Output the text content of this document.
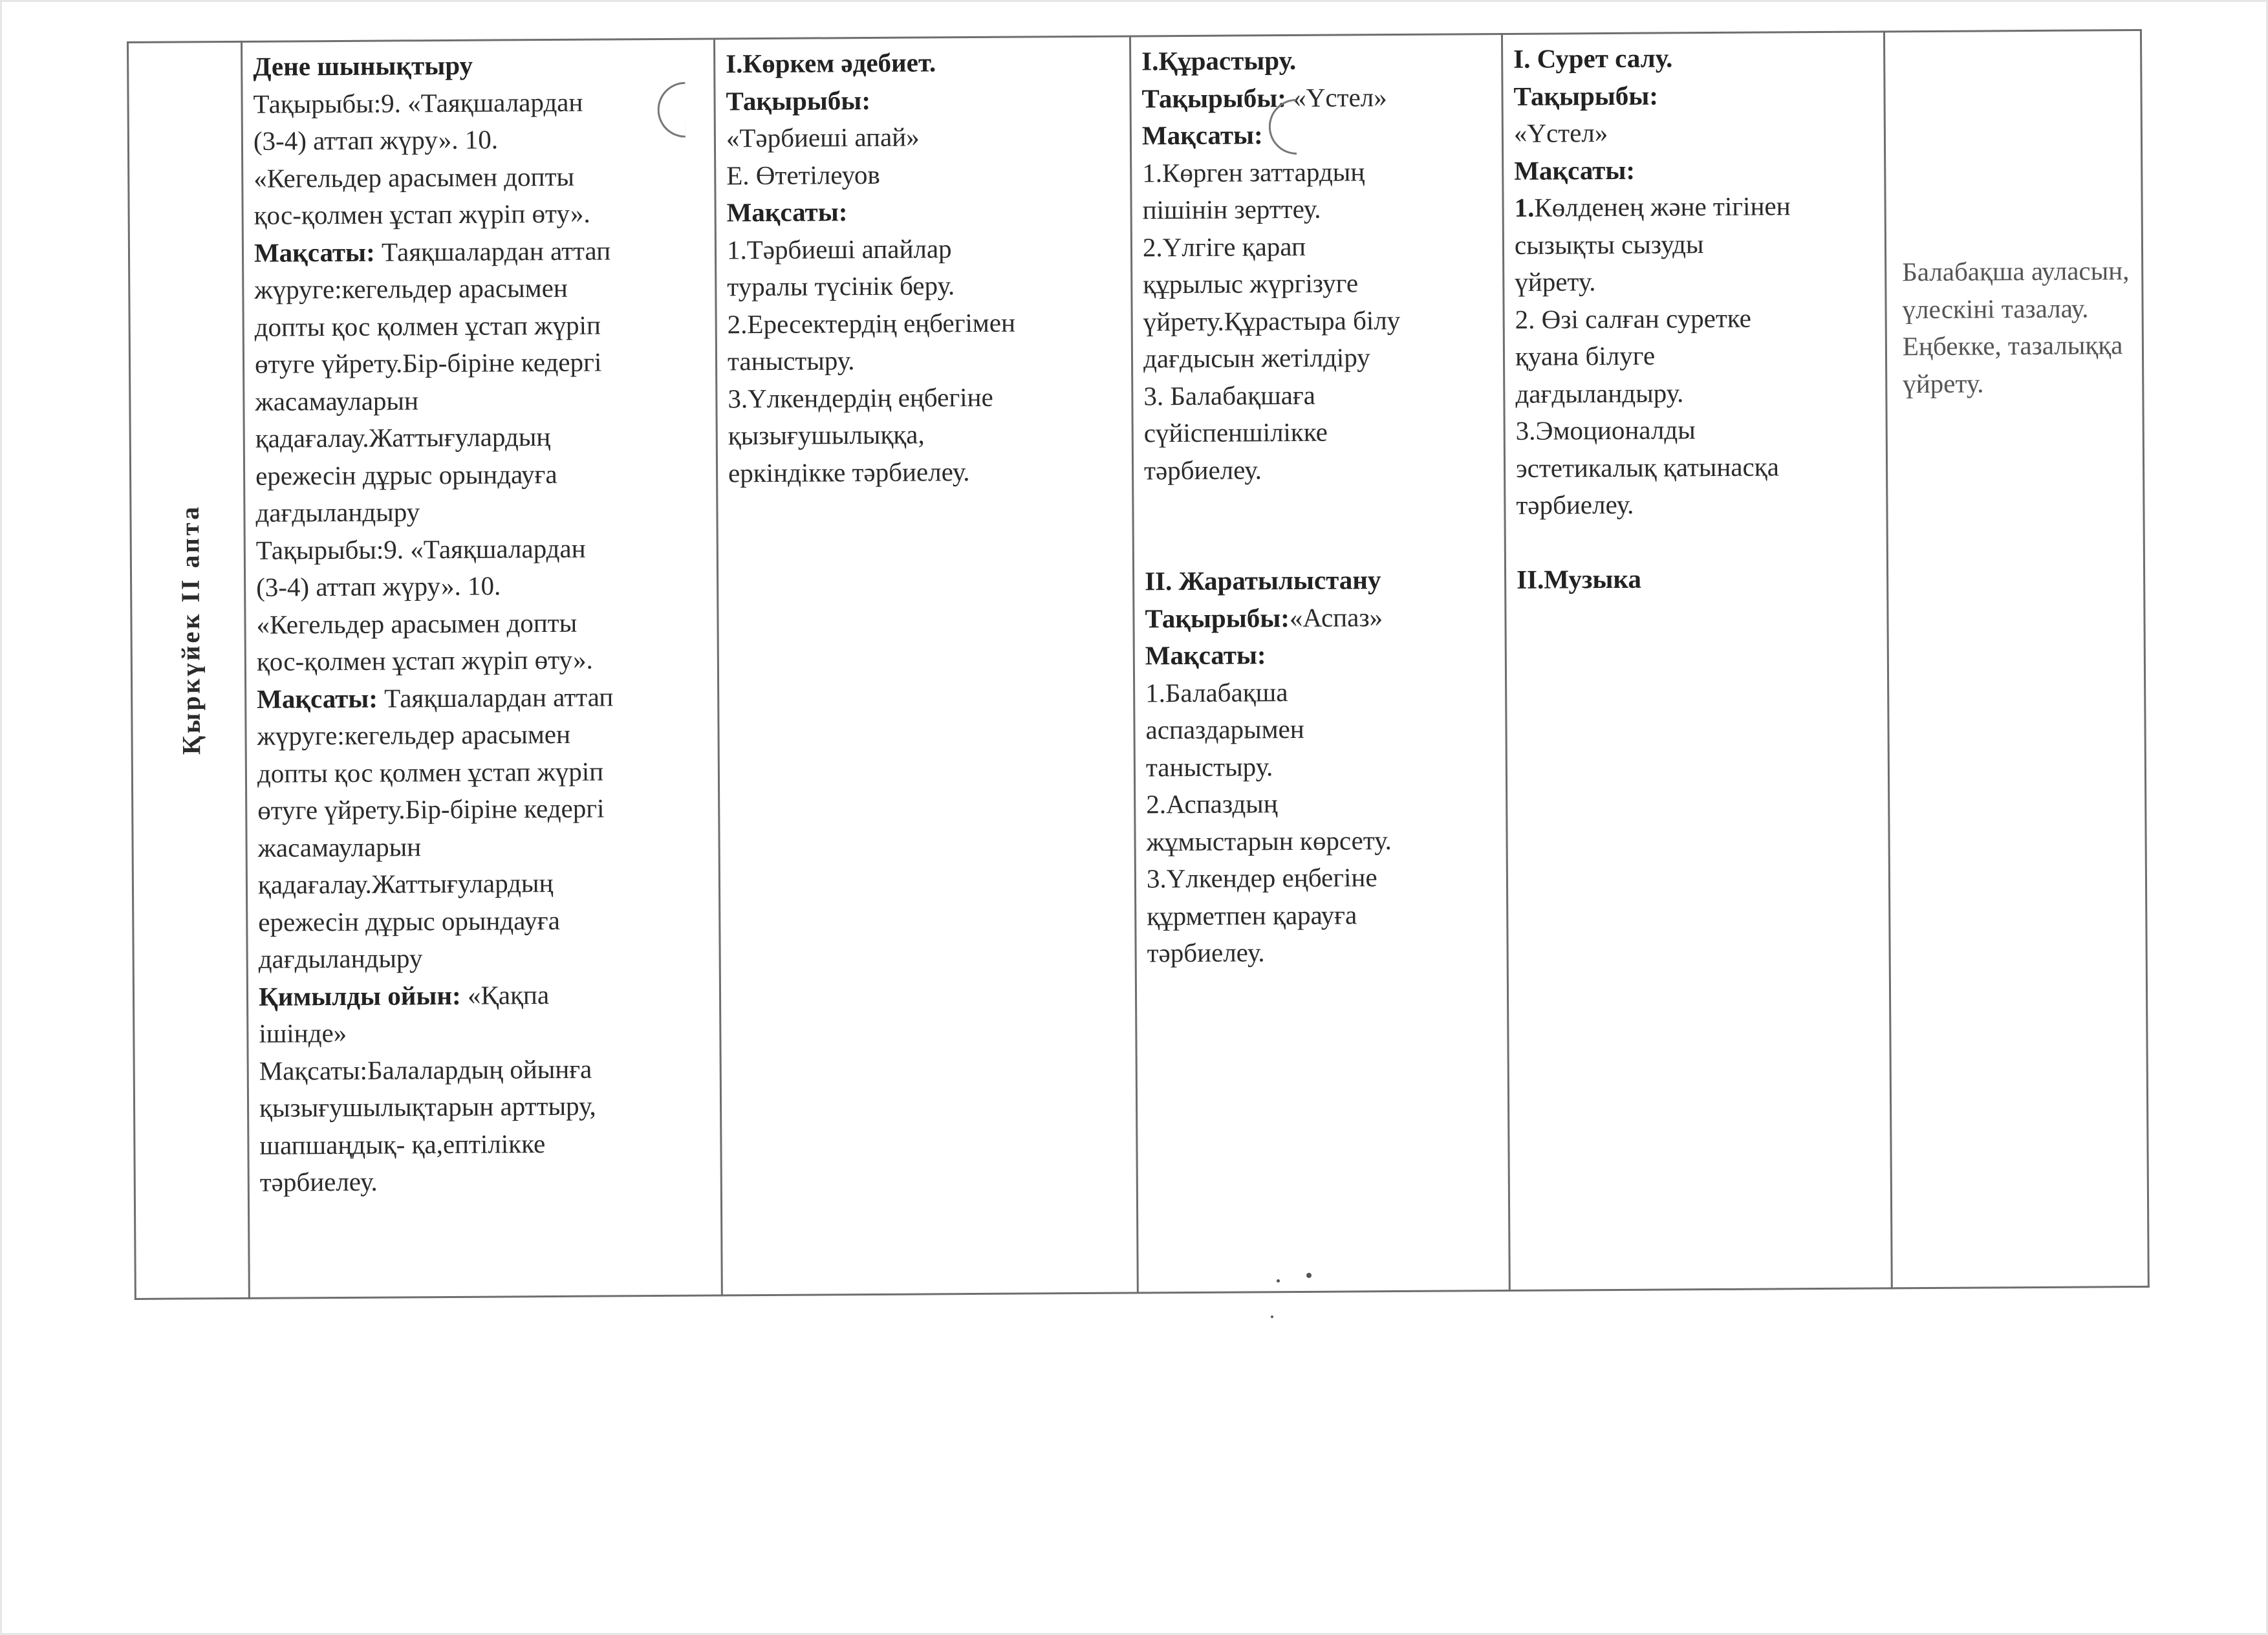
Қыркүйек II апта

Дене шынықтыру

Тақырыбы:9. «Таяқшалардан

(3-4) аттап жүру». 10.

«Кегельдер арасымен допты

қос-қолмен ұстап жүріп өту».

Мақсаты: Таяқшалардан аттап

жүруге:кегельдер арасымен

допты қос қолмен ұстап жүріп

өтуге үйрету.Бір-біріне кедергі

жасамауларын

қадағалау.Жаттығулардың

ережесін дұрыс орындауға

дағдыландыру

Тақырыбы:9. «Таяқшалардан

(3-4) аттап жүру». 10.

«Кегельдер арасымен допты

қос-қолмен ұстап жүріп өту».

Мақсаты: Таяқшалардан аттап

жүруге:кегельдер арасымен

допты қос қолмен ұстап жүріп

өтуге үйрету.Бір-біріне кедергі

жасамауларын

қадағалау.Жаттығулардың

ережесін дұрыс орындауға

дағдыландыру

Қимылды ойын: «Қақпа

ішінде»

Мақсаты:Балалардың ойынға

қызығушылықтарын арттыру,

шапшаңдық- қа,ептілікке

тәрбиелеу.

I.Көркем әдебиет.

Тақырыбы:

«Тәрбиеші апай»

Е. Өтетілеуов

Мақсаты:

1.Тәрбиеші апайлар

туралы түсінік беру.

2.Ересектердің еңбегімен

таныстыру.

3.Үлкендердің еңбегіне

қызығушылыққа,

еркіндікке тәрбиелеу.

I.Құрастыру.

Тақырыбы: «Үстел»

Мақсаты:

1.Көрген заттардың

пішінін зерттеу.

2.Үлгіге қарап

құрылыс жүргізуге

үйрету.Құрастыра білу

дағдысын жетілдіру

3. Балабақшаға

сүйіспеншілікке

тәрбиелеу.

II. Жаратылыстану

Тақырыбы:«Аспаз»

Мақсаты:

1.Балабақша

аспаздарымен

таныстыру.

2.Аспаздың

жұмыстарын көрсету.

3.Үлкендер еңбегіне

құрметпен қарауға

тәрбиелеу.

I. Сурет салу.

Тақырыбы:

«Үстел»

Мақсаты:

1.Көлденең және тігінен

сызықты сызуды

үйрету.

2. Өзі салған суретке

қуана білуге

дағдыландыру.

3.Эмоционалды

эстетикалық қатынасқа

тәрбиелеу.

II.Музыка

Балабақша ауласын,

үлескіні тазалау.

Еңбекке, тазалыққа

үйрету.
